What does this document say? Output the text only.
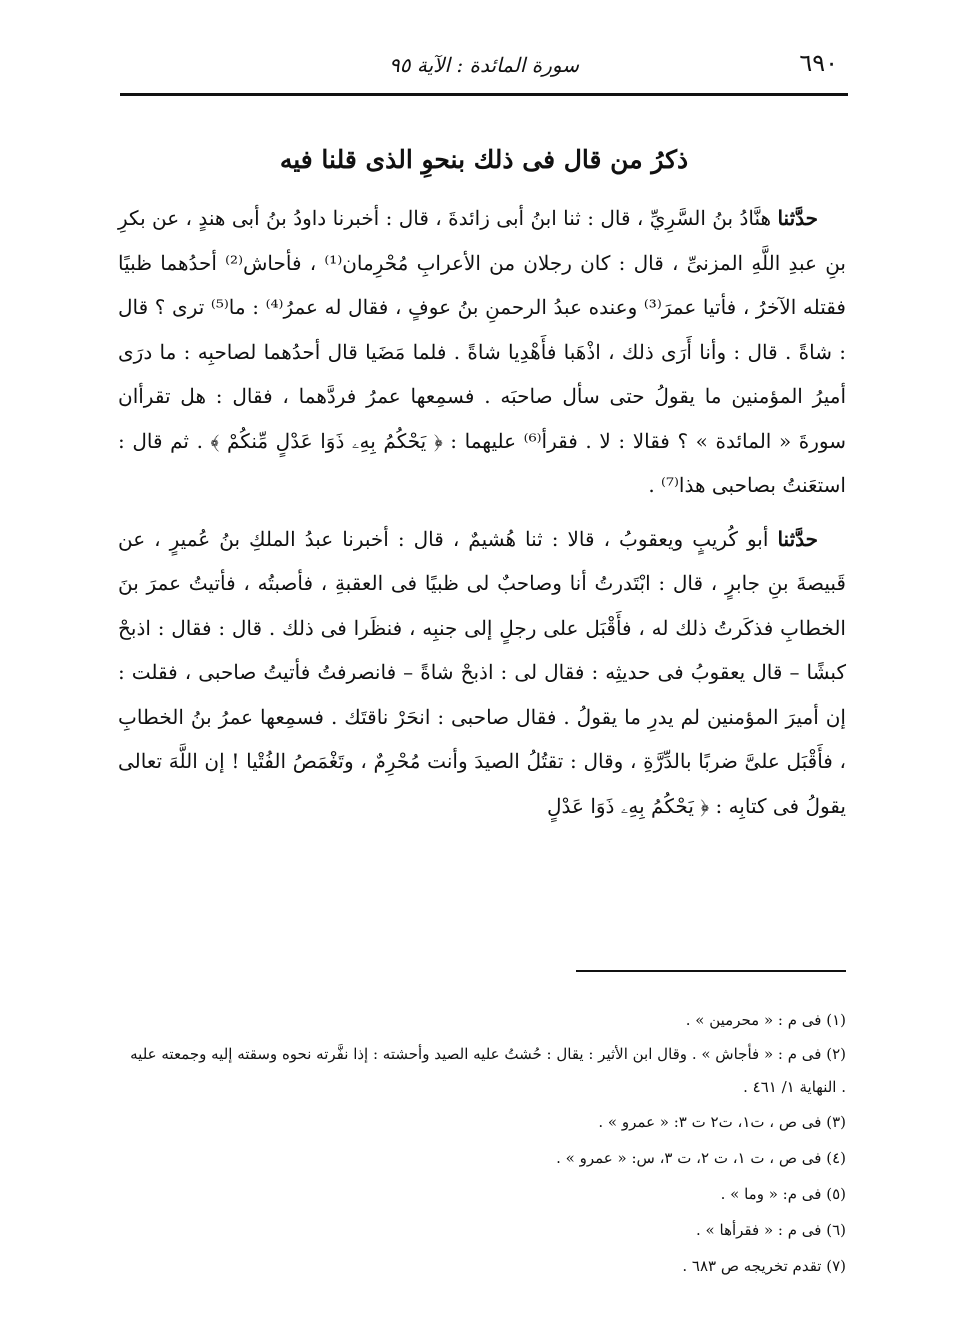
٦٩٠
سورة المائدة : الآية ٩٥
ذكرُ من قال فى ذلك بنحوِ الذى قلنا فيه

حدَّثنا هنَّادُ بنُ السَّرِيِّ ، قال : ثنا ابنُ أبى زائدةَ ، قال : أخبرنا داودُ بنُ أبى هندٍ ، عن بكرِ بنِ عبدِ اللَّهِ المزنىِّ ، قال : كان رجلان من الأعرابِ مُحْرِمان⁽¹⁾ ، فأحاش⁽²⁾ أحدُهما ظبيًا فقتله الآخرُ ، فأتيا عمرَ⁽³⁾ وعنده عبدُ الرحمنِ بنُ عوفٍ ، فقال له عمرُ⁽⁴⁾ : ما⁽⁵⁾ ترى ؟ قال : شاةً . قال : وأنا أَرَى ذلك ، اذْهَبا فأَهْدِيا شاةً . فلما مَضَيا قال أحدُهما لصاحبِه : ما درَى أميرُ المؤمنين ما يقولُ حتى سأل صاحبَه . فسمِعها عمرُ فردَّهما ، فقال : هل تقرأان سورةَ « المائدة » ؟ فقالا : لا . فقرأ⁽⁶⁾ عليهما : ﴿ يَحْكُمُ بِهِۦ ذَوَا عَدْلٍ مِّنكُمْ ﴾ . ثم قال : استعَنتُ بصاحبى هذا⁽⁷⁾ .

حدَّثنا أبو كُريبٍ ويعقوبُ ، قالا : ثنا هُشيمٌ ، قال : أخبرنا عبدُ الملكِ بنُ عُميرٍ ، عن قَبيصةَ بنِ جابرٍ ، قال : ابْتَدرتُ أنا وصاحبٌ لى ظبيًا فى العقبةِ ، فأصبتُه ، فأتيتُ عمرَ بنَ الخطابِ فذكَرتُ ذلك له ، فأَقْبَل على رجلٍ إلى جنبِه ، فنظَرا فى ذلك . قال : فقال : اذبحْ كبشًا – قال يعقوبُ فى حديثِه : فقال لى : اذبحْ شاةً – فانصرفتُ فأتيتُ صاحبى ، فقلت : إن أميرَ المؤمنين لم يدرِ ما يقولُ . فقال صاحبى : انحَرْ ناقتَك . فسمِعها عمرُ بنُ الخطابِ ، فأَقْبَل علىَّ ضربًا بالدِّرَّةِ ، وقال : تقتُلُ الصيدَ وأنت مُحْرِمٌ ، وتَغْمَصُ الفُتْيا ! إن اللَّهَ تعالى يقولُ فى كتابِه : ﴿ يَحْكُمُ بِهِۦ ذَوَا عَدْلٍ

(١) فى م : « محرمين » .

(٢) فى م : « فأجاش » . وقال ابن الأثير : يقال : حُشتُ عليه الصيد وأحشته : إذا نفَّرته نحوه وسقته إليه وجمعته عليه . النهاية ١/ ٤٦١ .

(٣) فى ص ، ت١، ت٢ ت ٣: « عمرو » .

(٤) فى ص ، ت ١، ت ٢، ت ٣، س: « عمرو » .

(٥) فى م: « وما » .

(٦) فى م : « فقرأها » .

(٧) تقدم تخريجه ص ٦٨٣ .
